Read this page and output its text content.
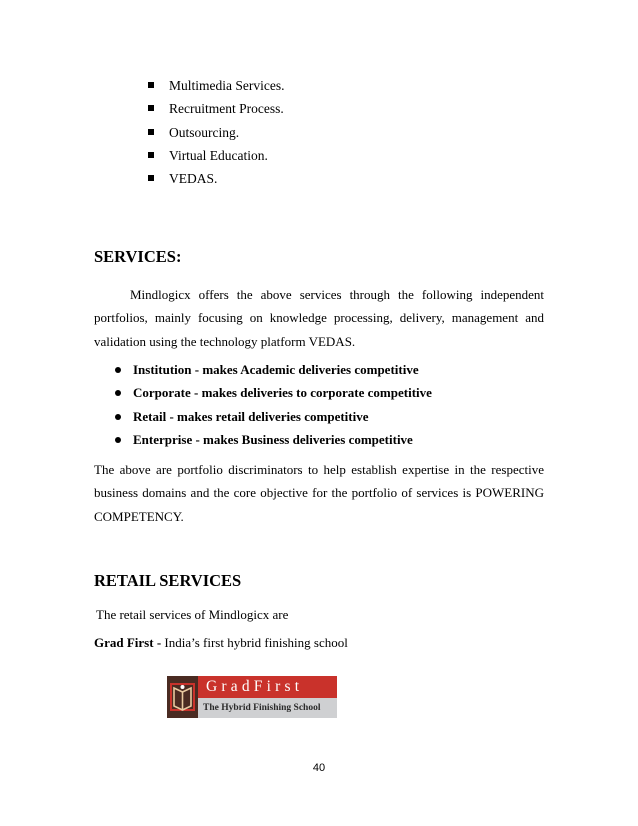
Multimedia Services.
Recruitment Process.
Outsourcing.
Virtual Education.
VEDAS.
SERVICES:
Mindlogicx offers the above services through the following independent
portfolios, mainly focusing on knowledge processing, delivery, management and
validation using the technology platform VEDAS.
Institution - makes Academic deliveries competitive
Corporate - makes deliveries to corporate competitive
Retail - makes retail deliveries competitive
Enterprise - makes Business deliveries competitive
The above are portfolio discriminators to help establish expertise in the respective
business domains and the core objective for the portfolio of services is POWERING
COMPETENCY.
RETAIL SERVICES
The retail services of Mindlogicx are
Grad First - India’s first hybrid finishing school
GradFirst
The Hybrid Finishing School
40
